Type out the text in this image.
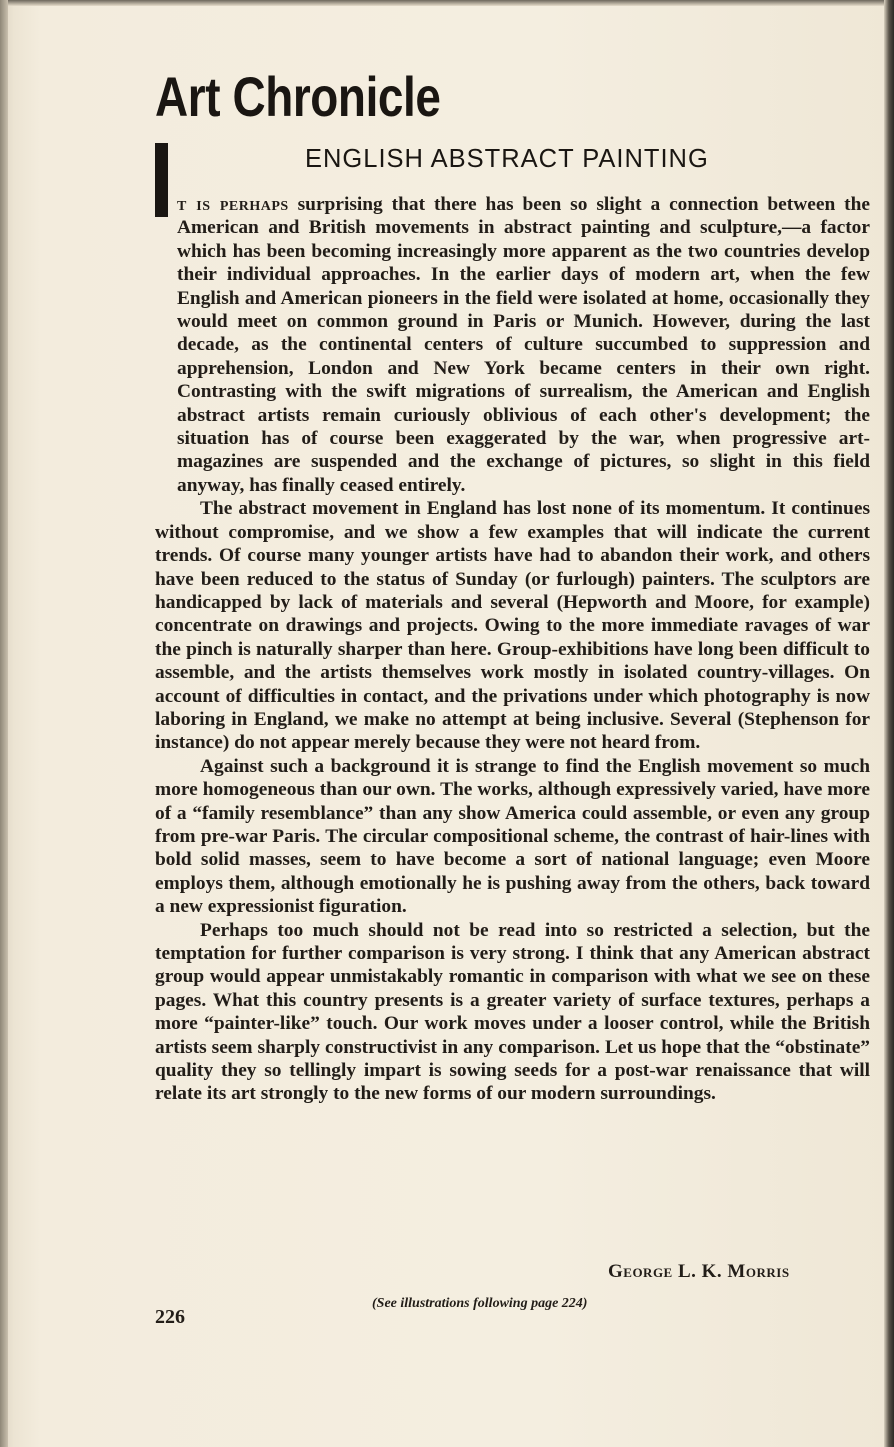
Art Chronicle
ENGLISH ABSTRACT PAINTING

t is perhaps surprising that there has been so slight a connection between the American and British movements in abstract painting and sculpture,—a factor which has been becoming increasingly more apparent as the two countries develop their individual approaches. In the earlier days of modern art, when the few English and American pioneers in the field were isolated at home, occasionally they would meet on common ground in Paris or Munich. However, during the last decade, as the continental centers of culture succumbed to suppression and apprehension, London and New York became centers in their own right. Contrasting with the swift migrations of surrealism, the American and English abstract artists remain curiously oblivious of each other's development; the situation has of course been exaggerated by the war, when progressive art-magazines are suspended and the exchange of pictures, so slight in this field anyway, has finally ceased entirely.

The abstract movement in England has lost none of its momentum. It continues without compromise, and we show a few examples that will indicate the current trends. Of course many younger artists have had to abandon their work, and others have been reduced to the status of Sunday (or furlough) painters. The sculptors are handicapped by lack of materials and several (Hepworth and Moore, for example) concentrate on drawings and projects. Owing to the more immediate ravages of war the pinch is naturally sharper than here. Group-exhibitions have long been difficult to assemble, and the artists themselves work mostly in isolated country-villages. On account of difficulties in contact, and the privations under which photography is now laboring in England, we make no attempt at being inclusive. Several (Stephenson for instance) do not appear merely because they were not heard from.

Against such a background it is strange to find the English movement so much more homogeneous than our own. The works, although expressively varied, have more of a “family resemblance” than any show America could assemble, or even any group from pre-war Paris. The circular compositional scheme, the contrast of hair-lines with bold solid masses, seem to have become a sort of national language; even Moore employs them, although emotionally he is pushing away from the others, back toward a new expressionist figuration.

Perhaps too much should not be read into so restricted a selection, but the temptation for further comparison is very strong. I think that any American abstract group would appear unmistakably romantic in comparison with what we see on these pages. What this country presents is a greater variety of surface textures, perhaps a more “painter-like” touch. Our work moves under a looser control, while the British artists seem sharply constructivist in any comparison. Let us hope that the “obstinate” quality they so tellingly impart is sowing seeds for a post-war renaissance that will relate its art strongly to the new forms of our modern surroundings.

George L. K. Morris
(See illustrations following page 224)
226
